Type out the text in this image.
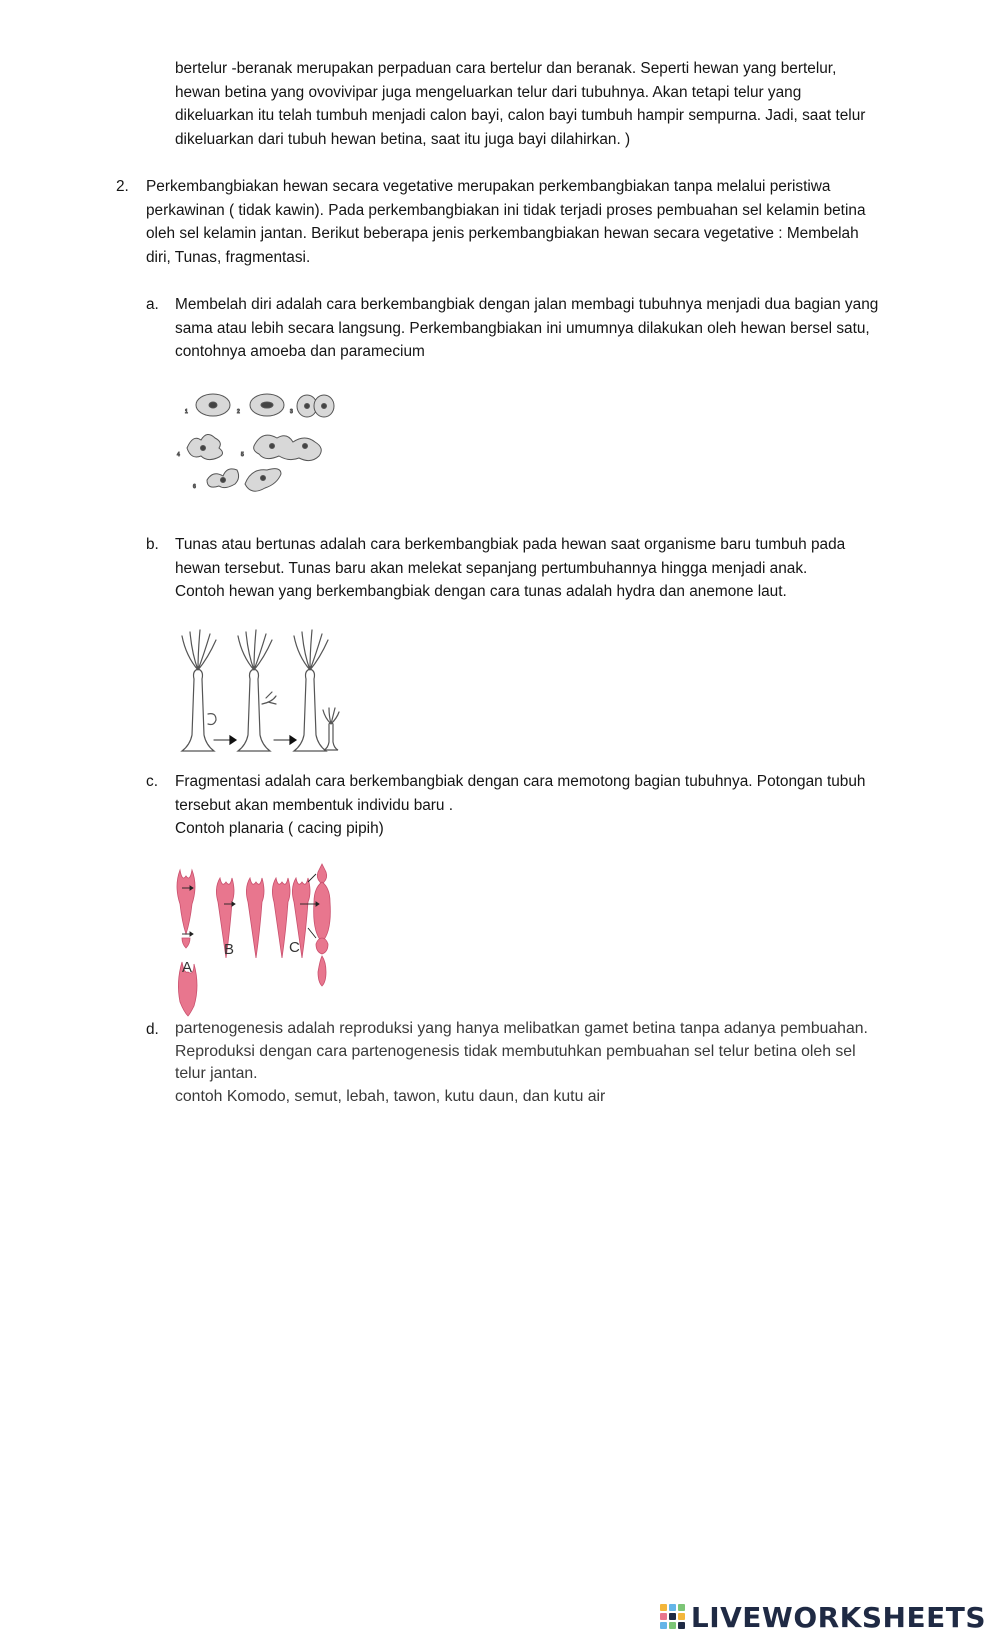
bertelur -beranak merupakan perpaduan cara bertelur dan beranak. Seperti hewan yang bertelur,

hewan betina yang ovovivipar juga mengeluarkan telur dari tubuhnya. Akan tetapi telur yang

dikeluarkan itu telah tumbuh menjadi calon bayi, calon bayi tumbuh hampir sempurna. Jadi, saat telur

dikeluarkan dari tubuh hewan betina, saat itu juga bayi dilahirkan. )

2. Perkembangbiakan hewan secara vegetative merupakan perkembangbiakan tanpa melalui peristiwa

perkawinan ( tidak kawin). Pada perkembangbiakan ini tidak terjadi proses pembuahan sel kelamin betina

oleh sel kelamin jantan. Berikut beberapa jenis perkembangbiakan hewan secara vegetative : Membelah

diri, Tunas, fragmentasi.

a. Membelah diri adalah cara berkembangbiak dengan jalan membagi tubuhnya menjadi dua bagian yang

sama atau lebih secara langsung. Perkembangbiakan ini umumnya dilakukan oleh hewan bersel satu,

contohnya amoeba dan paramecium

1	2	3
4	5
6
b. Tunas atau bertunas adalah cara berkembangbiak pada hewan saat organisme baru tumbuh pada

hewan tersebut. Tunas baru akan melekat sepanjang pertumbuhannya hingga menjadi anak.

Contoh hewan yang berkembangbiak dengan cara tunas adalah hydra dan anemone laut.

c. Fragmentasi adalah cara berkembangbiak dengan cara memotong bagian tubuhnya. Potongan tubuh

tersebut akan membentuk individu baru .

Contoh planaria ( cacing pipih)

A
B	C
d. partenogenesis adalah reproduksi yang hanya melibatkan gamet betina tanpa adanya pembuahan.

Reproduksi dengan cara partenogenesis tidak membutuhkan pembuahan sel telur betina oleh sel

telur jantan.

contoh Komodo, semut, lebah, tawon, kutu daun, dan kutu air

LIVEWORKSHEETS
